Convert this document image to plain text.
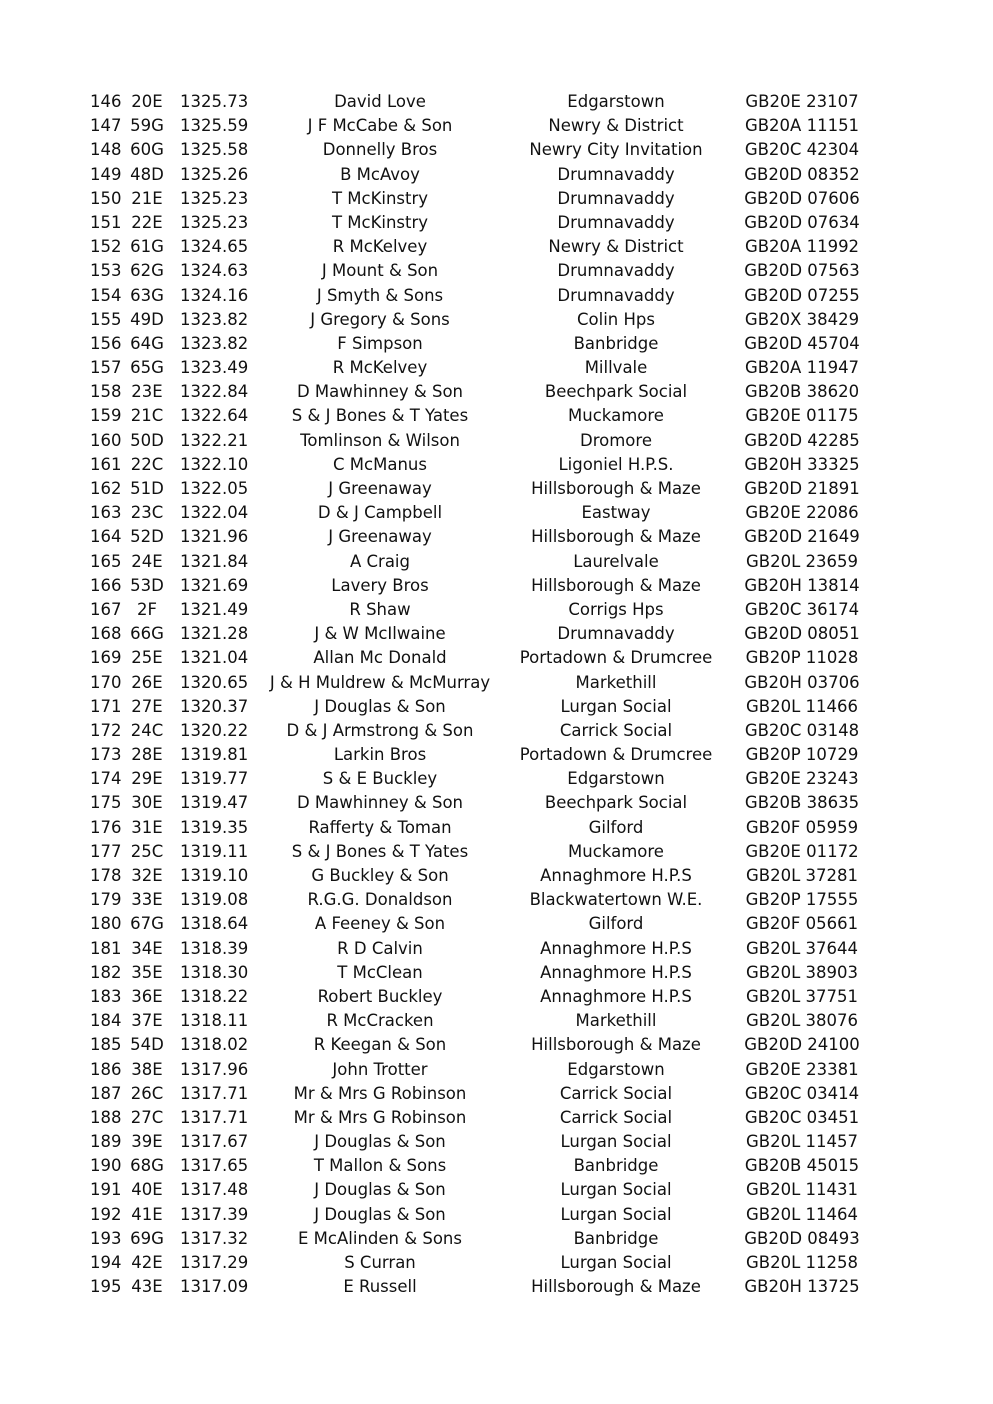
146 20E	1325.73	David Love	Edgarstown	GB20E 23107
147 59G 1325.59	J F McCabe & Son	Newry & District	GB20A 11151
148 60G 1325.58	Donnelly Bros	Newry City Invitation	GB20C 42304
149 48D 1325.26	B McAvoy	Drumnavaddy	GB20D 08352
150 21E	1325.23	T McKinstry	Drumnavaddy	GB20D 07606
151 22E	1325.23	T McKinstry	Drumnavaddy	GB20D 07634
152 61G 1324.65	R McKelvey	Newry & District	GB20A 11992
153 62G 1324.63	J Mount & Son	Drumnavaddy	GB20D 07563
154 63G 1324.16	J Smyth & Sons	Drumnavaddy	GB20D 07255
155 49D 1323.82	J Gregory & Sons	Colin Hps	GB20X 38429
156 64G 1323.82	F Simpson	Banbridge	GB20D 45704
157 65G 1323.49	R McKelvey	Millvale	GB20A 11947
158 23E	1322.84	D Mawhinney & Son	Beechpark Social	GB20B 38620
159 21C	1322.64	S & J Bones & T Yates	Muckamore	GB20E 01175
160 50D 1322.21	Tomlinson & Wilson	Dromore	GB20D 42285
161 22C	1322.10	C McManus	Ligoniel H.P.S.	GB20H 33325
162 51D 1322.05	J Greenaway	Hillsborough & Maze	GB20D 21891
163 23C	1322.04	D & J Campbell	Eastway	GB20E 22086
164 52D 1321.96	J Greenaway	Hillsborough & Maze	GB20D 21649
165 24E	1321.84	A Craig	Laurelvale	GB20L 23659
166 53D 1321.69	Lavery Bros	Hillsborough & Maze	GB20H 13814
167 2F	1321.49	R Shaw	Corrigs Hps	GB20C 36174
168 66G 1321.28	J & W McIlwaine	Drumnavaddy	GB20D 08051
169 25E	1321.04	Allan Mc Donald	Portadown & Drumcree	GB20P 11028
170 26E	1320.65	J & H Muldrew & McMurray	Markethill	GB20H 03706
171 27E	1320.37	J Douglas & Son	Lurgan Social	GB20L 11466
172 24C	1320.22	D & J Armstrong & Son	Carrick Social	GB20C 03148
173 28E	1319.81	Larkin Bros	Portadown & Drumcree	GB20P 10729
174 29E	1319.77	S & E Buckley	Edgarstown	GB20E 23243
175 30E	1319.47	D Mawhinney & Son	Beechpark Social	GB20B 38635
176 31E	1319.35	Rafferty & Toman	Gilford	GB20F 05959
177 25C	1319.11	S & J Bones & T Yates	Muckamore	GB20E 01172
178 32E	1319.10	G Buckley & Son	Annaghmore H.P.S	GB20L 37281
179 33E	1319.08	R.G.G. Donaldson	Blackwatertown W.E.	GB20P 17555
180 67G 1318.64	A Feeney & Son	Gilford	GB20F 05661
181 34E	1318.39	R D Calvin	Annaghmore H.P.S	GB20L 37644
182 35E	1318.30	T McClean	Annaghmore H.P.S	GB20L 38903
183 36E	1318.22	Robert Buckley	Annaghmore H.P.S	GB20L 37751
184 37E	1318.11	R McCracken	Markethill	GB20L 38076
185 54D 1318.02	R Keegan & Son	Hillsborough & Maze	GB20D 24100
186 38E	1317.96	John Trotter	Edgarstown	GB20E 23381
187 26C	1317.71	Mr & Mrs G Robinson	Carrick Social	GB20C 03414
188 27C	1317.71	Mr & Mrs G Robinson	Carrick Social	GB20C 03451
189 39E	1317.67	J Douglas & Son	Lurgan Social	GB20L 11457
190 68G 1317.65	T Mallon & Sons	Banbridge	GB20B 45015
191 40E	1317.48	J Douglas & Son	Lurgan Social	GB20L 11431
192 41E	1317.39	J Douglas & Son	Lurgan Social	GB20L 11464
193 69G 1317.32	E McAlinden & Sons	Banbridge	GB20D 08493
194 42E	1317.29	S Curran	Lurgan Social	GB20L 11258
195 43E	1317.09	E Russell	Hillsborough & Maze	GB20H 13725
